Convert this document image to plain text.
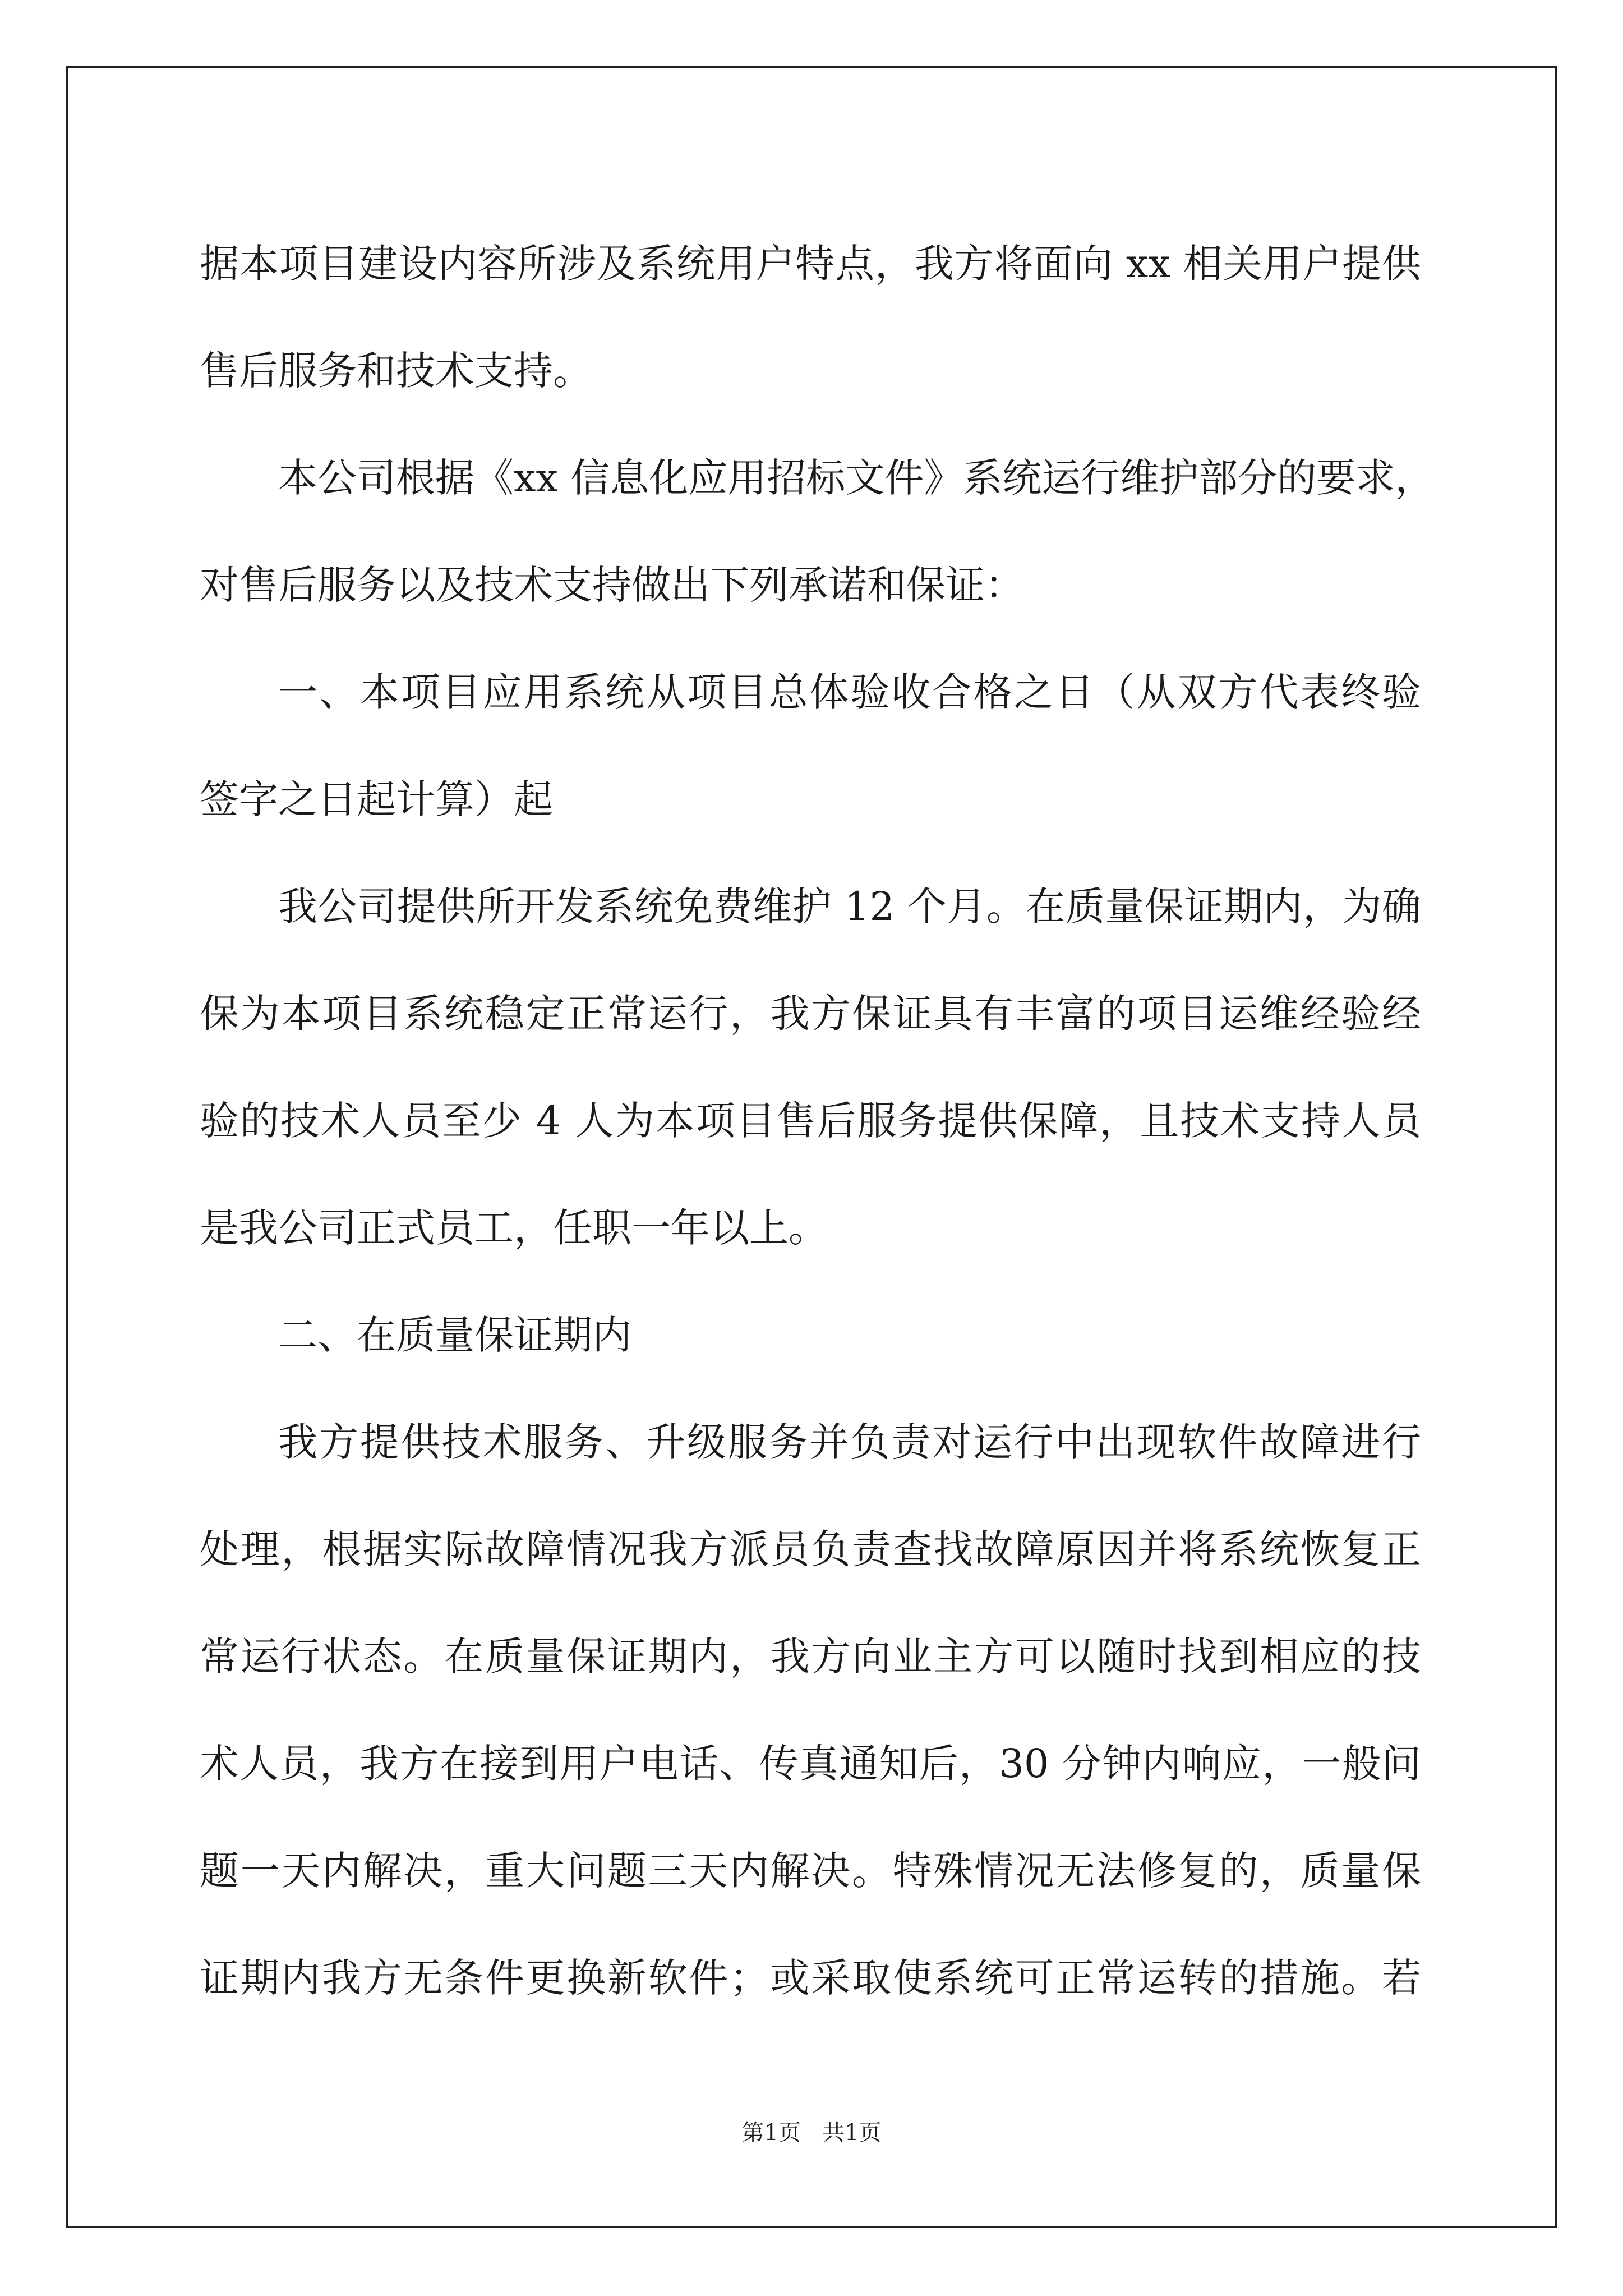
据本项目建设内容所涉及系统用户特点，我方将面向 xx 相关用户提供
售后服务和技术支持。
本公司根据《xx 信息化应用招标文件》系统运行维护部分的要求，
对售后服务以及技术支持做出下列承诺和保证：
一、本项目应用系统从项目总体验收合格之日（从双方代表终验
签字之日起计算）起
我公司提供所开发系统免费维护 12 个月。在质量保证期内，为确
保为本项目系统稳定正常运行，我方保证具有丰富的项目运维经验经
验的技术人员至少 4 人为本项目售后服务提供保障，且技术支持人员
是我公司正式员工，任职一年以上。
二、在质量保证期内
我方提供技术服务、升级服务并负责对运行中出现软件故障进行
处理，根据实际故障情况我方派员负责查找故障原因并将系统恢复正
常运行状态。在质量保证期内，我方向业主方可以随时找到相应的技
术人员，我方在接到用户电话、传真通知后，30 分钟内响应，一般问
题一天内解决，重大问题三天内解决。特殊情况无法修复的，质量保
证期内我方无条件更换新软件；或采取使系统可正常运转的措施。若
第1页   共1页
